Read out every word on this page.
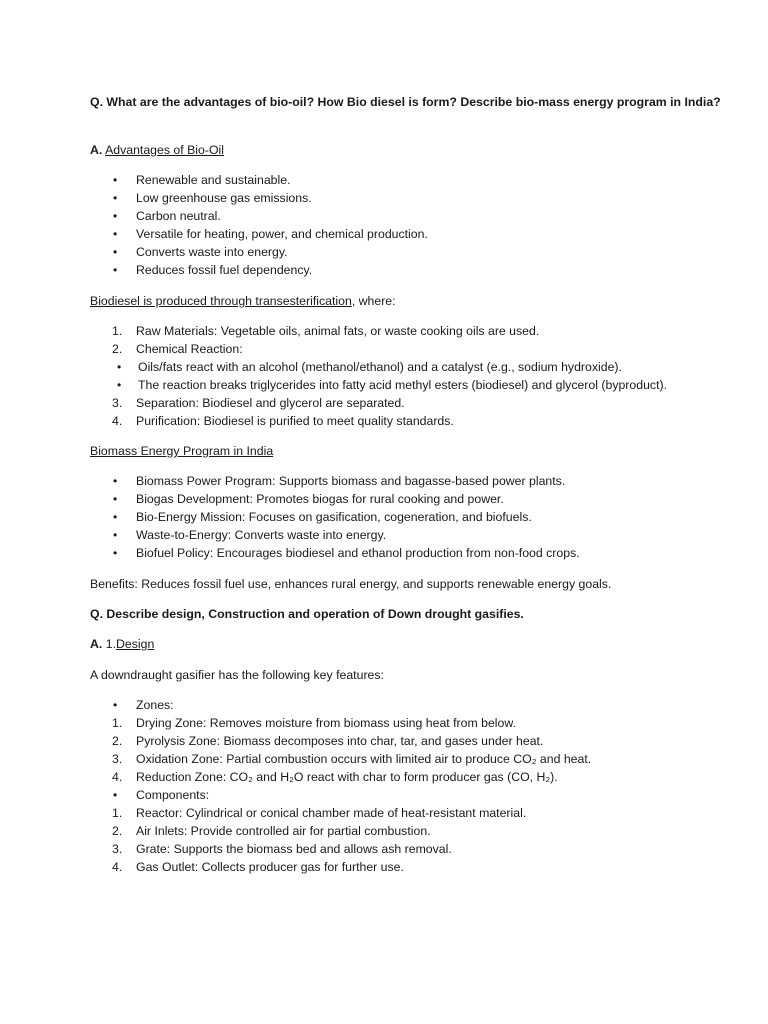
Q. What are the advantages of bio-oil? How Bio diesel is form? Describe bio-mass energy program in India?

A. Advantages of Bio-Oil

• Renewable and sustainable.
• Low greenhouse gas emissions.
• Carbon neutral.
• Versatile for heating, power, and chemical production.
• Converts waste into energy.
• Reduces fossil fuel dependency.

Biodiesel is produced through transesterification, where:

1. Raw Materials: Vegetable oils, animal fats, or waste cooking oils are used.
2. Chemical Reaction:
• Oils/fats react with an alcohol (methanol/ethanol) and a catalyst (e.g., sodium hydroxide).
• The reaction breaks triglycerides into fatty acid methyl esters (biodiesel) and glycerol (byproduct).
3. Separation: Biodiesel and glycerol are separated.
4. Purification: Biodiesel is purified to meet quality standards.

Biomass Energy Program in India

• Biomass Power Program: Supports biomass and bagasse-based power plants.
• Biogas Development: Promotes biogas for rural cooking and power.
• Bio-Energy Mission: Focuses on gasification, cogeneration, and biofuels.
• Waste-to-Energy: Converts waste into energy.
• Biofuel Policy: Encourages biodiesel and ethanol production from non-food crops.

Benefits: Reduces fossil fuel use, enhances rural energy, and supports renewable energy goals.

Q. Describe design, Construction and operation of Down drought gasifies.

A. 1.Design

A downdraught gasifier has the following key features:

• Zones:
1. Drying Zone: Removes moisture from biomass using heat from below.
2. Pyrolysis Zone: Biomass decomposes into char, tar, and gases under heat.
3. Oxidation Zone: Partial combustion occurs with limited air to produce CO₂ and heat.
4. Reduction Zone: CO₂ and H₂O react with char to form producer gas (CO, H₂).
• Components:
1. Reactor: Cylindrical or conical chamber made of heat-resistant material.
2. Air Inlets: Provide controlled air for partial combustion.
3. Grate: Supports the biomass bed and allows ash removal.
4. Gas Outlet: Collects producer gas for further use.
